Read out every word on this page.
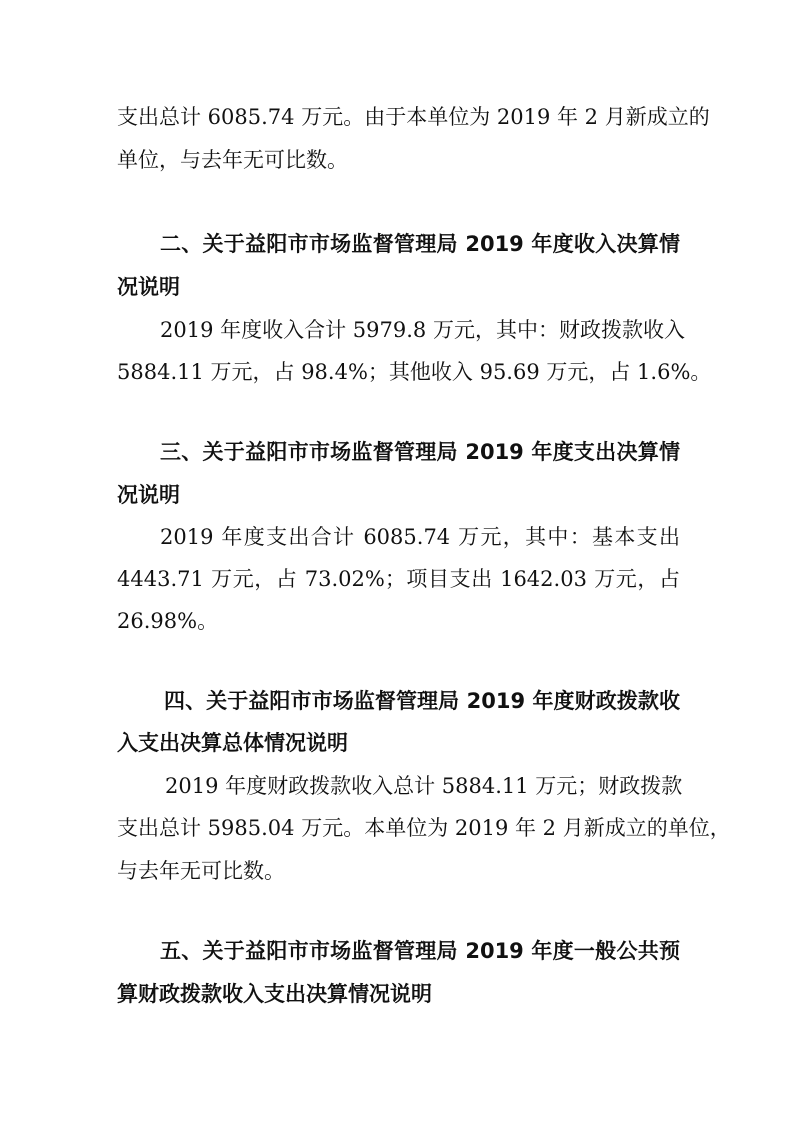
支出总计 6085.74 万元。由于本单位为 2019 年 2 月新成立的
单位，与去年无可比数。
二、关于益阳市市场监督管理局 2019 年度收入决算情
况说明
2019 年度收入合计 5979.8 万元，其中：财政拨款收入
5884.11 万元，占 98.4%；其他收入 95.69 万元，占 1.6%。
三、关于益阳市市场监督管理局 2019 年度支出决算情
况说明
2019 年度支出合计 6085.74 万元，其中：基本支出
4443.71 万元，占 73.02%；项目支出 1642.03 万元，占
26.98%。
四、关于益阳市市场监督管理局 2019 年度财政拨款收
入支出决算总体情况说明
2019 年度财政拨款收入总计 5884.11 万元；财政拨款
支出总计 5985.04 万元。本单位为 2019 年 2 月新成立的单位，
与去年无可比数。
五、关于益阳市市场监督管理局 2019 年度一般公共预
算财政拨款收入支出决算情况说明
